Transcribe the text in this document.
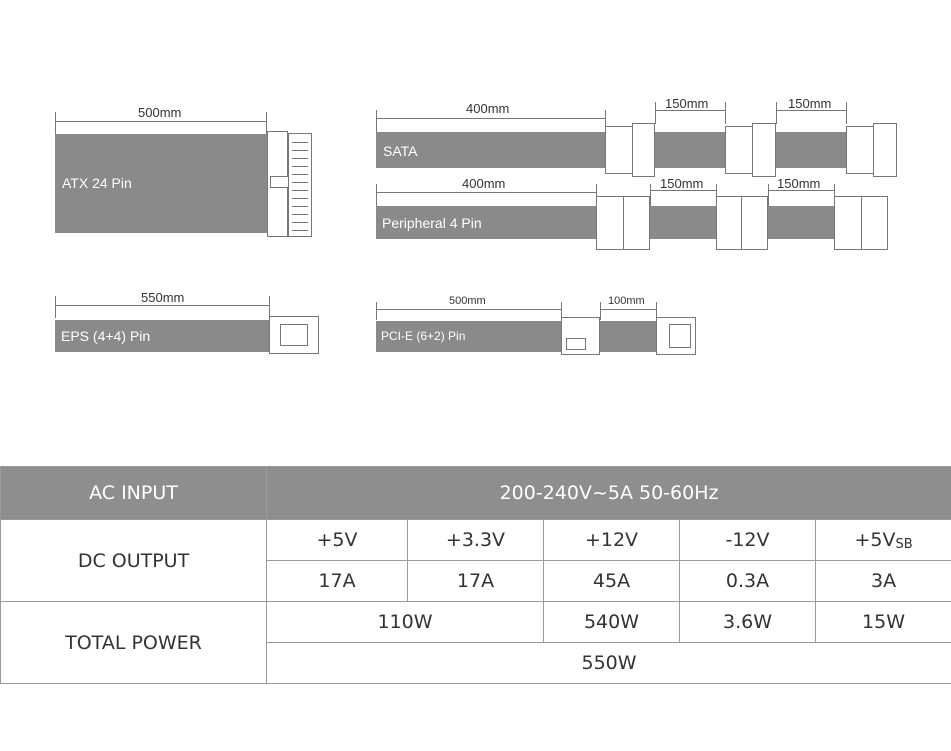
500mm
ATX 24 Pin
400mm	150mm	150mm
SATA
400mm	150mm	150mm
Peripheral 4 Pin
550mm
EPS (4+4) Pin
500mm	100mm
PCI-E (6+2) Pin
AC INPUT	200-240V~5A 50-60Hz				
DC OUTPUT	+5V	+3.3V	+12V	-12V	$+5V_{SB}$
	17A	17A	45A	0.3A	3A
TOTAL POWER	110W		540W	3.6W	15W
	550W				
